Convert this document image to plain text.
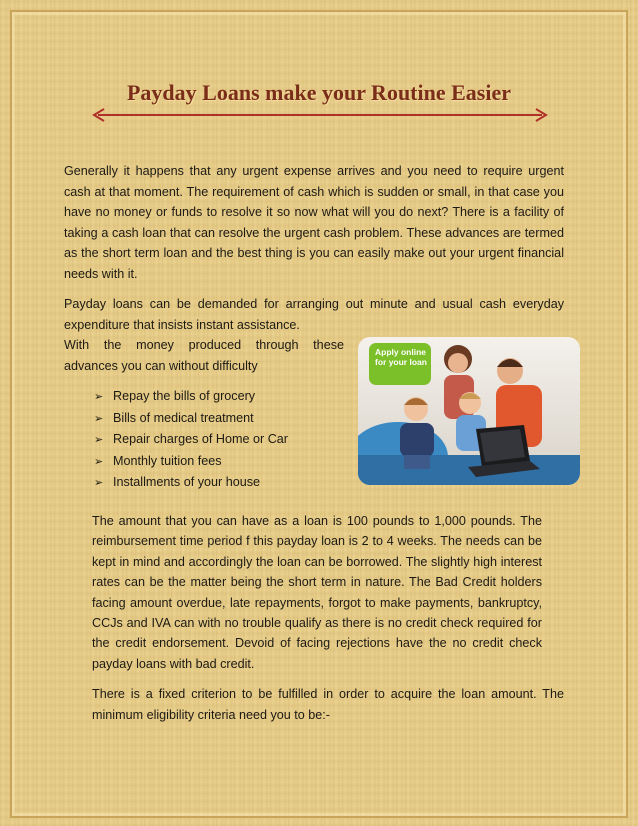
Payday Loans make your Routine Easier

Generally it happens that any urgent expense arrives and you need to require urgent cash at that moment. The requirement of cash which is sudden or small, in that case you have no money or funds to resolve it so now what will you do next? There is a facility of taking a cash loan that can resolve the urgent cash problem. These advances are termed as the short term loan and the best thing is you can easily make out your urgent financial needs with it.

Payday loans can be demanded for arranging out minute and usual cash everyday expenditure that insists instant assistance.

With the money produced through these advances you can without difficulty

Apply online for your loan
➢ Repay the bills of grocery
➢ Bills of medical treatment
➢ Repair charges of Home or Car
➢ Monthly tuition fees
➢ Installments of your house

The amount that you can have as a loan is 100 pounds to 1,000 pounds. The reimbursement time period f this payday loan is 2 to 4 weeks. The needs can be kept in mind and accordingly the loan can be borrowed. The slightly high interest rates can be the matter being the short term in nature. The Bad Credit holders facing amount overdue, late repayments, forgot to make payments, bankruptcy, CCJs and IVA can with no trouble qualify as there is no credit check required for the credit endorsement. Devoid of facing rejections have the no credit check payday loans with bad credit.

There is a fixed criterion to be fulfilled in order to acquire the loan amount. The minimum eligibility criteria need you to be:-
